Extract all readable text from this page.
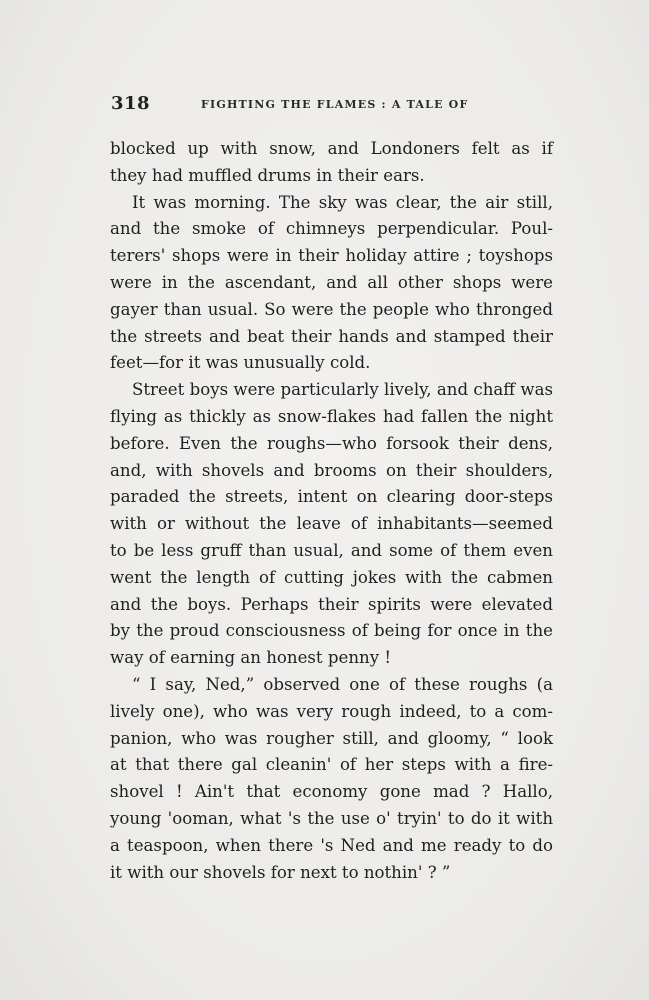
318	FIGHTING THE FLAMES : A TALE OF
blocked up with snow, and Londoners felt as if
they had muffled drums in their ears.
It was morning. The sky was clear, the air still,
and the smoke of chimneys perpendicular. Poul-
terers' shops were in their holiday attire ; toyshops
were in the ascendant, and all other shops were
gayer than usual. So were the people who thronged
the streets and beat their hands and stamped their
feet—for it was unusually cold.
Street boys were particularly lively, and chaff was
flying as thickly as snow-flakes had fallen the night
before. Even the roughs—who forsook their dens,
and, with shovels and brooms on their shoulders,
paraded the streets, intent on clearing door-steps
with or without the leave of inhabitants—seemed
to be less gruff than usual, and some of them even
went the length of cutting jokes with the cabmen
and the boys. Perhaps their spirits were elevated
by the proud consciousness of being for once in the
way of earning an honest penny !
“ I say, Ned,” observed one of these roughs (a
lively one), who was very rough indeed, to a com-
panion, who was rougher still, and gloomy, “ look
at that there gal cleanin' of her steps with a fire-
shovel ! Ain't that economy gone mad ? Hallo,
young 'ooman, what 's the use o' tryin' to do it with
a teaspoon, when there 's Ned and me ready to do
it with our shovels for next to nothin' ? ”
